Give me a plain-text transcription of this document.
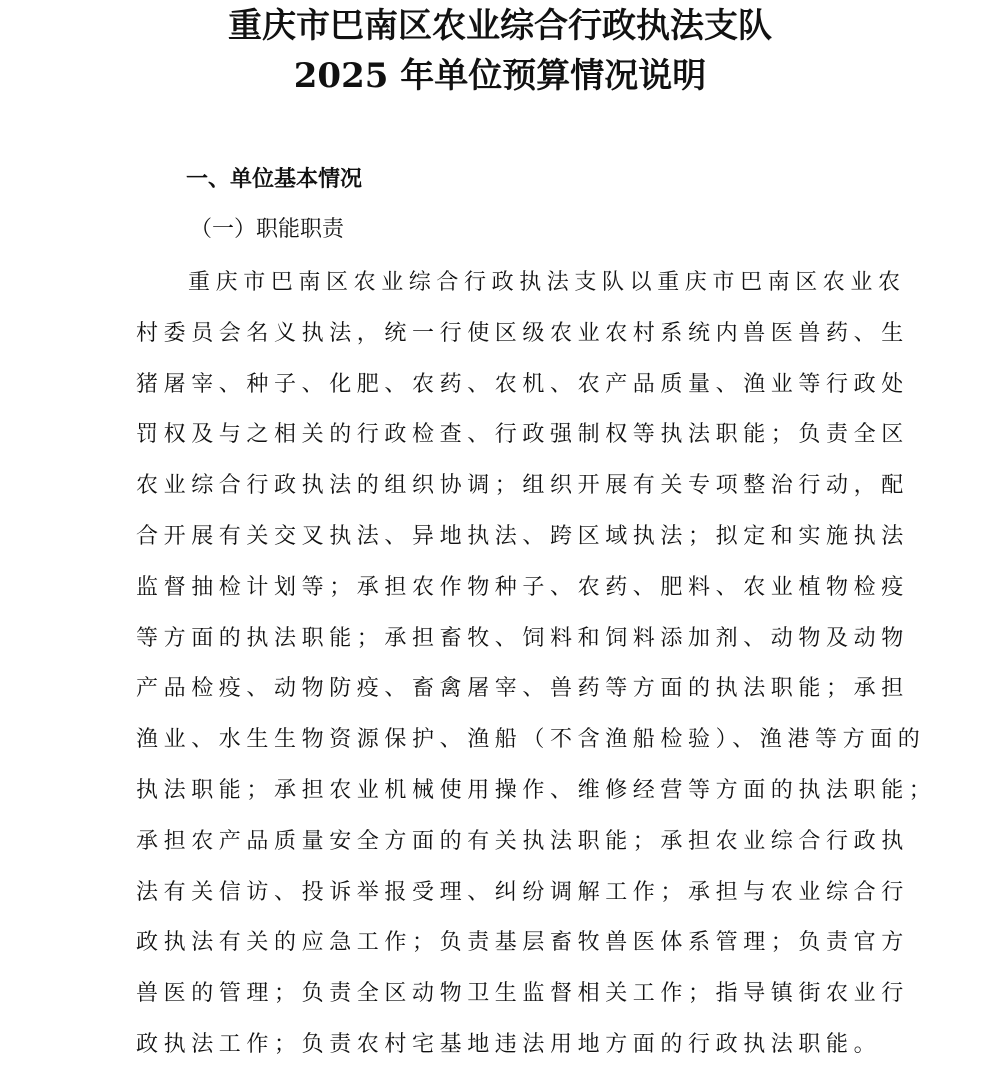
重庆市巴南区农业综合行政执法支队
2025 年单位预算情况说明
一、单位基本情况
（一）职能职责
重庆市巴南区农业综合行政执法支队以重庆市巴南区农业农
村委员会名义执法，统一行使区级农业农村系统内兽医兽药、生
猪屠宰、种子、化肥、农药、农机、农产品质量、渔业等行政处
罚权及与之相关的行政检查、行政强制权等执法职能；负责全区
农业综合行政执法的组织协调；组织开展有关专项整治行动，配
合开展有关交叉执法、异地执法、跨区域执法；拟定和实施执法
监督抽检计划等；承担农作物种子、农药、肥料、农业植物检疫
等方面的执法职能；承担畜牧、饲料和饲料添加剂、动物及动物
产品检疫、动物防疫、畜禽屠宰、兽药等方面的执法职能；承担
渔业、水生生物资源保护、渔船（不含渔船检验）、渔港等方面的
执法职能；承担农业机械使用操作、维修经营等方面的执法职能；
承担农产品质量安全方面的有关执法职能；承担农业综合行政执
法有关信访、投诉举报受理、纠纷调解工作；承担与农业综合行
政执法有关的应急工作；负责基层畜牧兽医体系管理；负责官方
兽医的管理；负责全区动物卫生监督相关工作；指导镇街农业行
政执法工作；负责农村宅基地违法用地方面的行政执法职能。
